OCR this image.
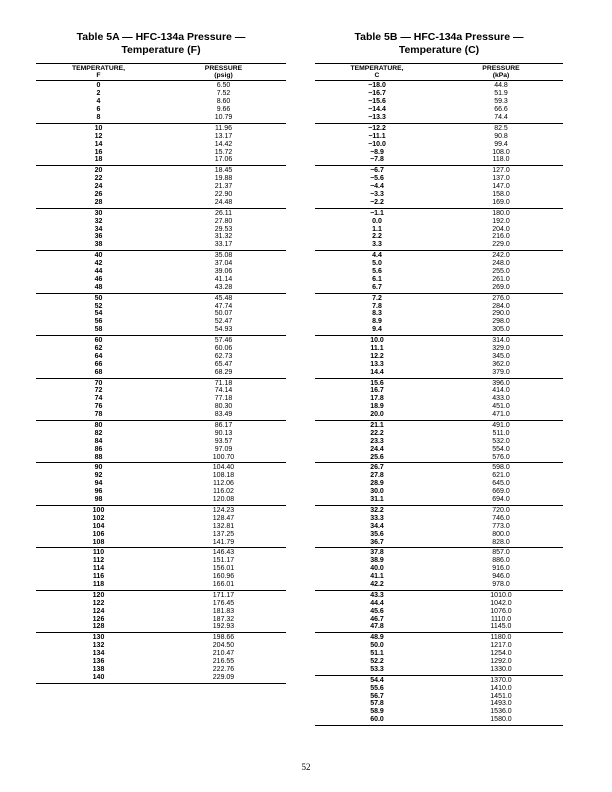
Table 5A — HFC-134a Pressure —
Temperature (F)
TEMPERATURE,
F
PRESSURE
(psig)
0	6.50
2	7.52
4	8.60
6	9.66
8	10.79
10	11.96
12	13.17
14	14.42
16	15.72
18	17.06
20	18.45
22	19.88
24	21.37
26	22.90
28	24.48
30	26.11
32	27.80
34	29.53
36	31.32
38	33.17
40	35.08
42	37.04
44	39.06
46	41.14
48	43.28
50	45.48
52	47.74
54	50.07
56	52.47
58	54.93
60	57.46
62	60.06
64	62.73
66	65.47
68	68.29
70	71.18
72	74.14
74	77.18
76	80.30
78	83.49
80	86.17
82	90.13
84	93.57
86	97.09
88	100.70
90	104.40
92	108.18
94	112.06
96	116.02
98	120.08
100	124.23
102	128.47
104	132.81
106	137.25
108	141.79
110	146.43
112	151.17
114	156.01
116	160.96
118	166.01
120	171.17
122	176.45
124	181.83
126	187.32
128	192.93
130	198.66
132	204.50
134	210.47
136	216.55
138	222.76
140	229.09
Table 5B — HFC-134a Pressure —
Temperature (C)
TEMPERATURE,
C
PRESSURE
(kPa)
−18.0	44.8
−16.7	51.9
−15.6	59.3
−14.4	66.6
−13.3	74.4
−12.2	82.5
−11.1	90.8
−10.0	99.4
−8.9	108.0
−7.8	118.0
−6.7	127.0
−5.6	137.0
−4.4	147.0
−3.3	158.0
−2.2	169.0
−1.1	180.0
0.0	192.0
1.1	204.0
2.2	216.0
3.3	229.0
4.4	242.0
5.0	248.0
5.6	255.0
6.1	261.0
6.7	269.0
7.2	276.0
7.8	284.0
8.3	290.0
8.9	298.0
9.4	305.0
10.0	314.0
11.1	329.0
12.2	345.0
13.3	362.0
14.4	379.0
15.6	396.0
16.7	414.0
17.8	433.0
18.9	451.0
20.0	471.0
21.1	491.0
22.2	511.0
23.3	532.0
24.4	554.0
25.6	576.0
26.7	598.0
27.8	621.0
28.9	645.0
30.0	669.0
31.1	694.0
32.2	720.0
33.3	746.0
34.4	773.0
35.6	800.0
36.7	828.0
37.8	857.0
38.9	886.0
40.0	916.0
41.1	946.0
42.2	978.0
43.3	1010.0
44.4	1042.0
45.6	1076.0
46.7	1110.0
47.8	1145.0
48.9	1180.0
50.0	1217.0
51.1	1254.0
52.2	1292.0
53.3	1330.0
54.4	1370.0
55.6	1410.0
56.7	1451.0
57.8	1493.0
58.9	1536.0
60.0	1580.0
52
